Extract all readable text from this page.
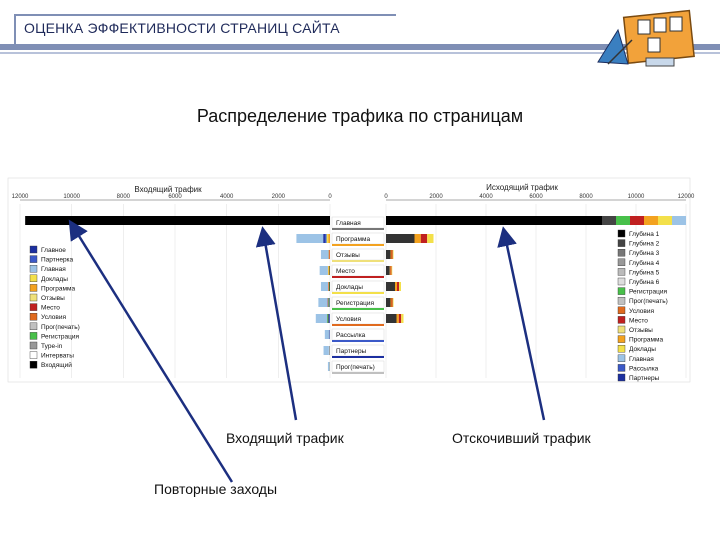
ОЦЕНКА ЭФФЕКТИВНОСТИ СТРАНИЦ САЙТА
Распределение трафика по страницам
Входящий трафик	Исходящий трафик
12000	10000	8000	6000	4000	2000	0	0	2000	4000	6000	8000	10000	12000
Главная
Программа
Отзывы
Место
Доклады
Регистрация
Условия
Рассылка
Партнеры
Прог(печать)
Главное
Партнерка
Главная
Доклады
Программа
Отзывы
Место
Условия
Прог(печать)
Регистрация
Type-in
Интерваты
Входящий
Глубина 1
Глубина 2
Глубина 3
Глубина 4
Глубина 5
Глубина 6
Регистрация
Прог(печать)
Условия
Место
Отзывы
Программа
Доклады
Главная
Рассылка
Партнеры
Входящий трафик	Отскочивший трафик
Повторные заходы
